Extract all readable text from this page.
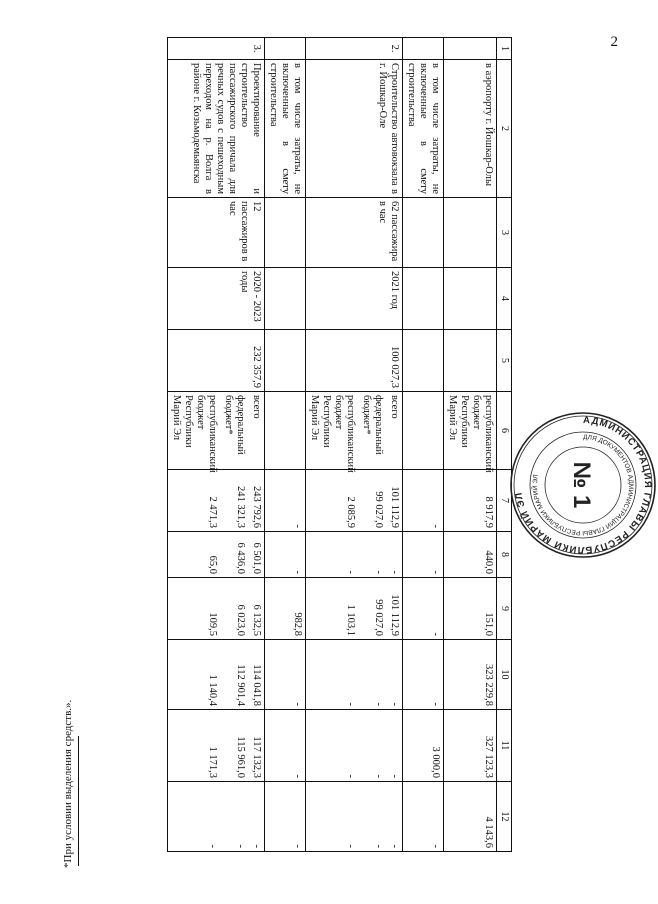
2
1	2	3	4	5	6	7	8	9	10	11	12
	в аэропорту г. Йошкар-Олы				республиканский бюджет Республики Марий Эл	8 917,9	440,0	151,0	323 229,8	327 123,3	4 143,6
	в том числе затраты, не включенные в смету строительства					-	-	-	-	3 000,0	-
2.	Строительство автовокзала в г. Йошкар-Оле	62 пассажира в час	2021 год	100 027,3	всего	101 112,9	-	101 112,9	-	-	-
					федеральный бюджет*	99 027,0	-	99 027,0	-	-	-
					республиканский бюджет Республики Марий Эл	2 085,9	-	1 103,1	-	-	-
	в том числе затраты, не включенные в смету строительства					-	-	982,8	-	-	-
3.	Проектирование и строительство пассажирского причала для речных судов с пешеходным переходом на р. Волга в районе г. Козьмодемьянска	12 пассажиров в час	2020 - 2023 годы	232 357,9	всего	243 792,6	6 501,0	6 132,5	114 041,8	117 132,3	-
					федеральный бюджет*	241 321,3	6 436,0	6 023,0	112 901,4	115 961,0	-
					республиканский бюджет Республики Марий Эл	2 471,3	65,0	109,5	1 140,4	1 171,3	-
*При условии выделения средств.».
АДМИНИСТРАЦИЯ ГЛАВЫ РЕСПУБЛИКИ МАРИЙ ЭЛ
ДЛЯ ДОКУМЕНТОВ АДМИНИСТРАЦИИ ГЛАВЫ РЕСПУБЛИКИ МАРИЙ ЭЛ	№ 1
